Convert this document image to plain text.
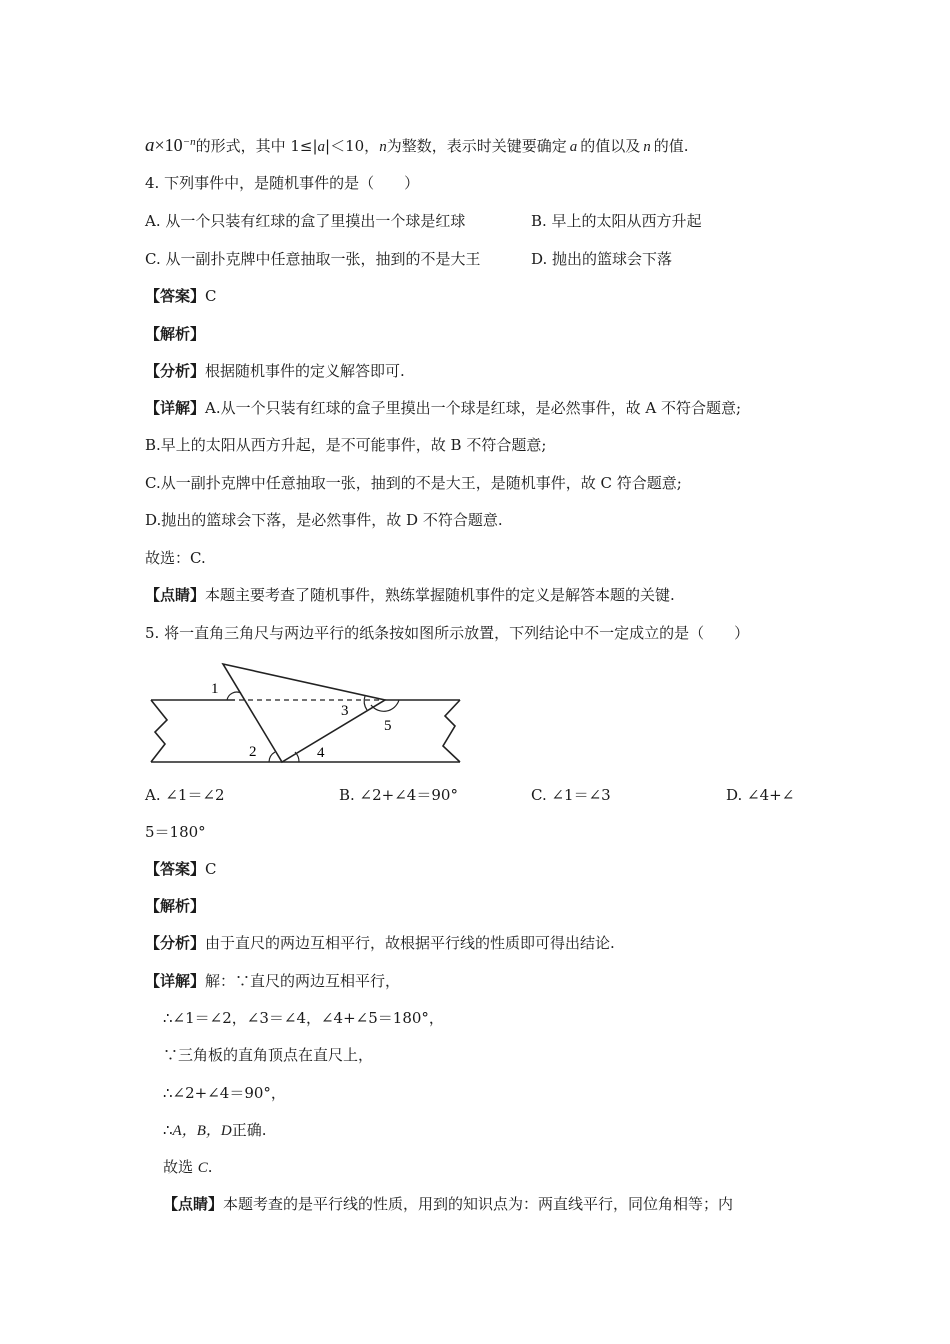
$a\times 10^{-n}$的形式，其中 1≤|a|＜10，n为整数，表示时关键要确定 a 的值以及 n 的值.
4. 下列事件中，是随机事件的是（　　）
A. 从一个只装有红球的盒了里摸出一个球是红球	B. 早上的太阳从西方升起
C. 从一副扑克牌中任意抽取一张，抽到的不是大王	D. 抛出的篮球会下落
【答案】C
【解析】
【分析】根据随机事件的定义解答即可.
【详解】A.从一个只装有红球的盒子里摸出一个球是红球，是必然事件，故 A 不符合题意;
B.早上的太阳从西方升起，是不可能事件，故 B 不符合题意;
C.从一副扑克牌中任意抽取一张，抽到的不是大王，是随机事件，故 C 符合题意;
D.抛出的篮球会下落，是必然事件，故 D 不符合题意.
故选：C.
【点睛】本题主要考查了随机事件，熟练掌握随机事件的定义是解答本题的关键.
5. 将一直角三角尺与两边平行的纸条按如图所示放置，下列结论中不一定成立的是（　　）
1
2
3
4
5
A. ∠1＝∠2	B. ∠2+∠4＝90°	C. ∠1＝∠3	D. ∠4+∠
5＝180°
【答案】C
【解析】
【分析】由于直尺的两边互相平行，故根据平行线的性质即可得出结论.
【详解】解：∵直尺的两边互相平行，
∴∠1＝∠2，∠3＝∠4，∠4+∠5＝180°，
∵三角板的直角顶点在直尺上，
∴∠2+∠4＝90°，
∴A，B，D正确.
故选 C.
【点睛】本题考查的是平行线的性质，用到的知识点为：两直线平行，同位角相等；内
